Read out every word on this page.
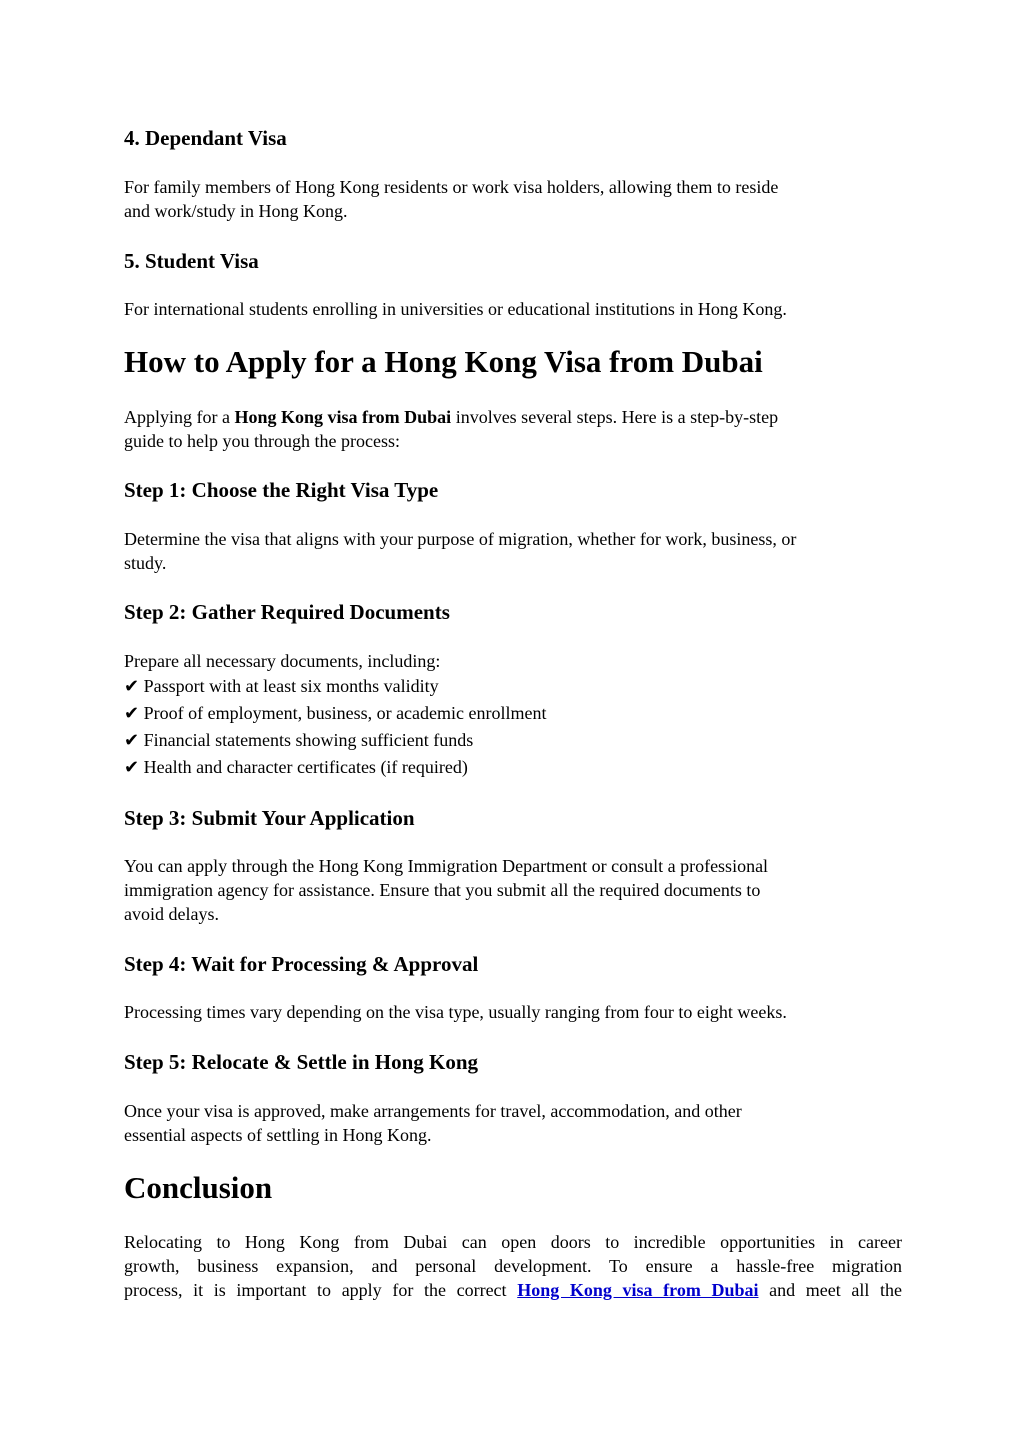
4. Dependant Visa

For family members of Hong Kong residents or work visa holders, allowing them to reside

and work/study in Hong Kong.

5. Student Visa

For international students enrolling in universities or educational institutions in Hong Kong.

How to Apply for a Hong Kong Visa from Dubai

Applying for a Hong Kong visa from Dubai involves several steps. Here is a step-by-step

guide to help you through the process:

Step 1: Choose the Right Visa Type

Determine the visa that aligns with your purpose of migration, whether for work, business, or

study.

Step 2: Gather Required Documents

Prepare all necessary documents, including:

✔ Passport with at least six months validity
✔ Proof of employment, business, or academic enrollment
✔ Financial statements showing sufficient funds
✔ Health and character certificates (if required)
Step 3: Submit Your Application

You can apply through the Hong Kong Immigration Department or consult a professional

immigration agency for assistance. Ensure that you submit all the required documents to

avoid delays.

Step 4: Wait for Processing & Approval

Processing times vary depending on the visa type, usually ranging from four to eight weeks.

Step 5: Relocate & Settle in Hong Kong

Once your visa is approved, make arrangements for travel, accommodation, and other

essential aspects of settling in Hong Kong.

Conclusion

Relocating to Hong Kong from Dubai can open doors to incredible opportunities in career

growth, business expansion, and personal development. To ensure a hassle-free migration

process, it is important to apply for the correct Hong Kong visa from Dubai and meet all the
